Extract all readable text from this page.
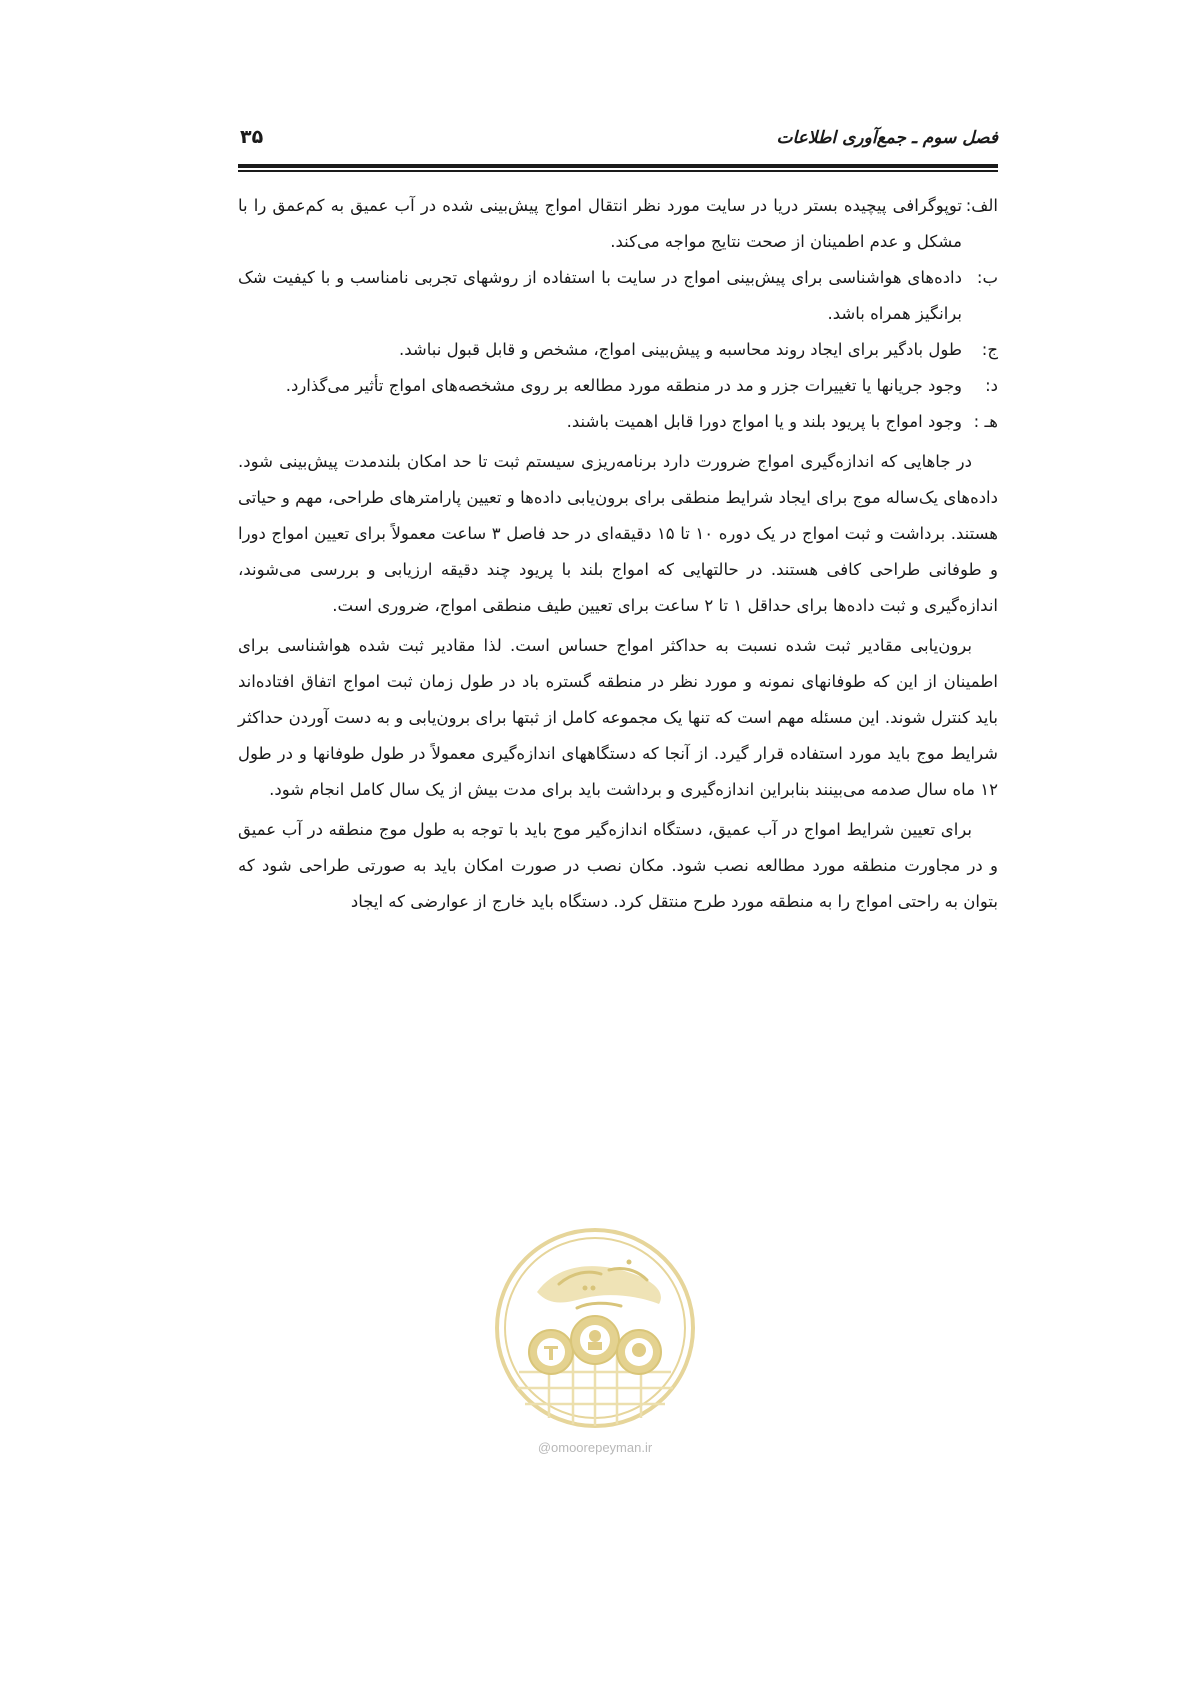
فصل سوم ـ جمع‌آوری اطلاعات
۳۵
الف:
توپوگرافی پیچیده بستر دریا در سایت مورد نظر انتقال امواج پیش‌بینی شده در آب عمیق به کم‌عمق را با مشکل و عدم اطمینان از صحت نتایج مواجه می‌کند.
ب:
داده‌های هواشناسی برای پیش‌بینی امواج در سایت با استفاده از روشهای تجربی نامناسب و با کیفیت شک برانگیز همراه باشد.
ج:
طول بادگیر برای ایجاد روند محاسبه و پیش‌بینی امواج، مشخص و قابل قبول نباشد.
د:
وجود جریانها یا تغییرات جزر و مد در منطقه مورد مطالعه بر روی مشخصه‌های امواج تأثیر می‌گذارد.
هـ :
وجود امواج با پریود بلند و یا امواج دورا قابل اهمیت باشند.

در جاهایی که اندازه‌گیری امواج ضرورت دارد برنامه‌ریزی سیستم ثبت تا حد امکان بلندمدت پیش‌بینی شود. داده‌های یک‌ساله موج برای ایجاد شرایط منطقی برای برون‌یابی داده‌ها و تعیین پارامترهای طراحی، مهم و حیاتی هستند. برداشت و ثبت امواج در یک دوره ۱۰ تا ۱۵ دقیقه‌ای در حد فاصل ۳ ساعت معمولاً برای تعیین امواج دورا و طوفانی طراحی کافی هستند. در حالتهایی که امواج بلند با پریود چند دقیقه ارزیابی و بررسی می‌شوند، اندازه‌گیری و ثبت داده‌ها برای حداقل ۱ تا ۲ ساعت برای تعیین طیف منطقی امواج، ضروری است.

برون‌یابی مقادیر ثبت شده نسبت به حداکثر امواج حساس است. لذا مقادیر ثبت شده هواشناسی برای اطمینان از این که طوفانهای نمونه و مورد نظر در منطقه گستره باد در طول زمان ثبت امواج اتفاق افتاده‌اند باید کنترل شوند. این مسئله مهم است که تنها یک مجموعه کامل از ثبتها برای برون‌یابی و به دست آوردن حداکثر شرایط موج باید مورد استفاده قرار گیرد. از آنجا که دستگاههای اندازه‌گیری معمولاً در طول طوفانها و در طول ۱۲ ماه سال صدمه می‌بینند بنابراین اندازه‌گیری و برداشت باید برای مدت بیش از یک سال کامل انجام شود.

برای تعیین شرایط امواج در آب عمیق، دستگاه اندازه‌گیر موج باید با توجه به طول موج منطقه در آب عمیق و در مجاورت منطقه مورد مطالعه نصب شود. مکان نصب در صورت امکان باید به صورتی طراحی شود که بتوان به راحتی امواج را به منطقه مورد طرح منتقل کرد. دستگاه باید خارج از عوارضی که ایجاد

@omoorepeyman.ir
